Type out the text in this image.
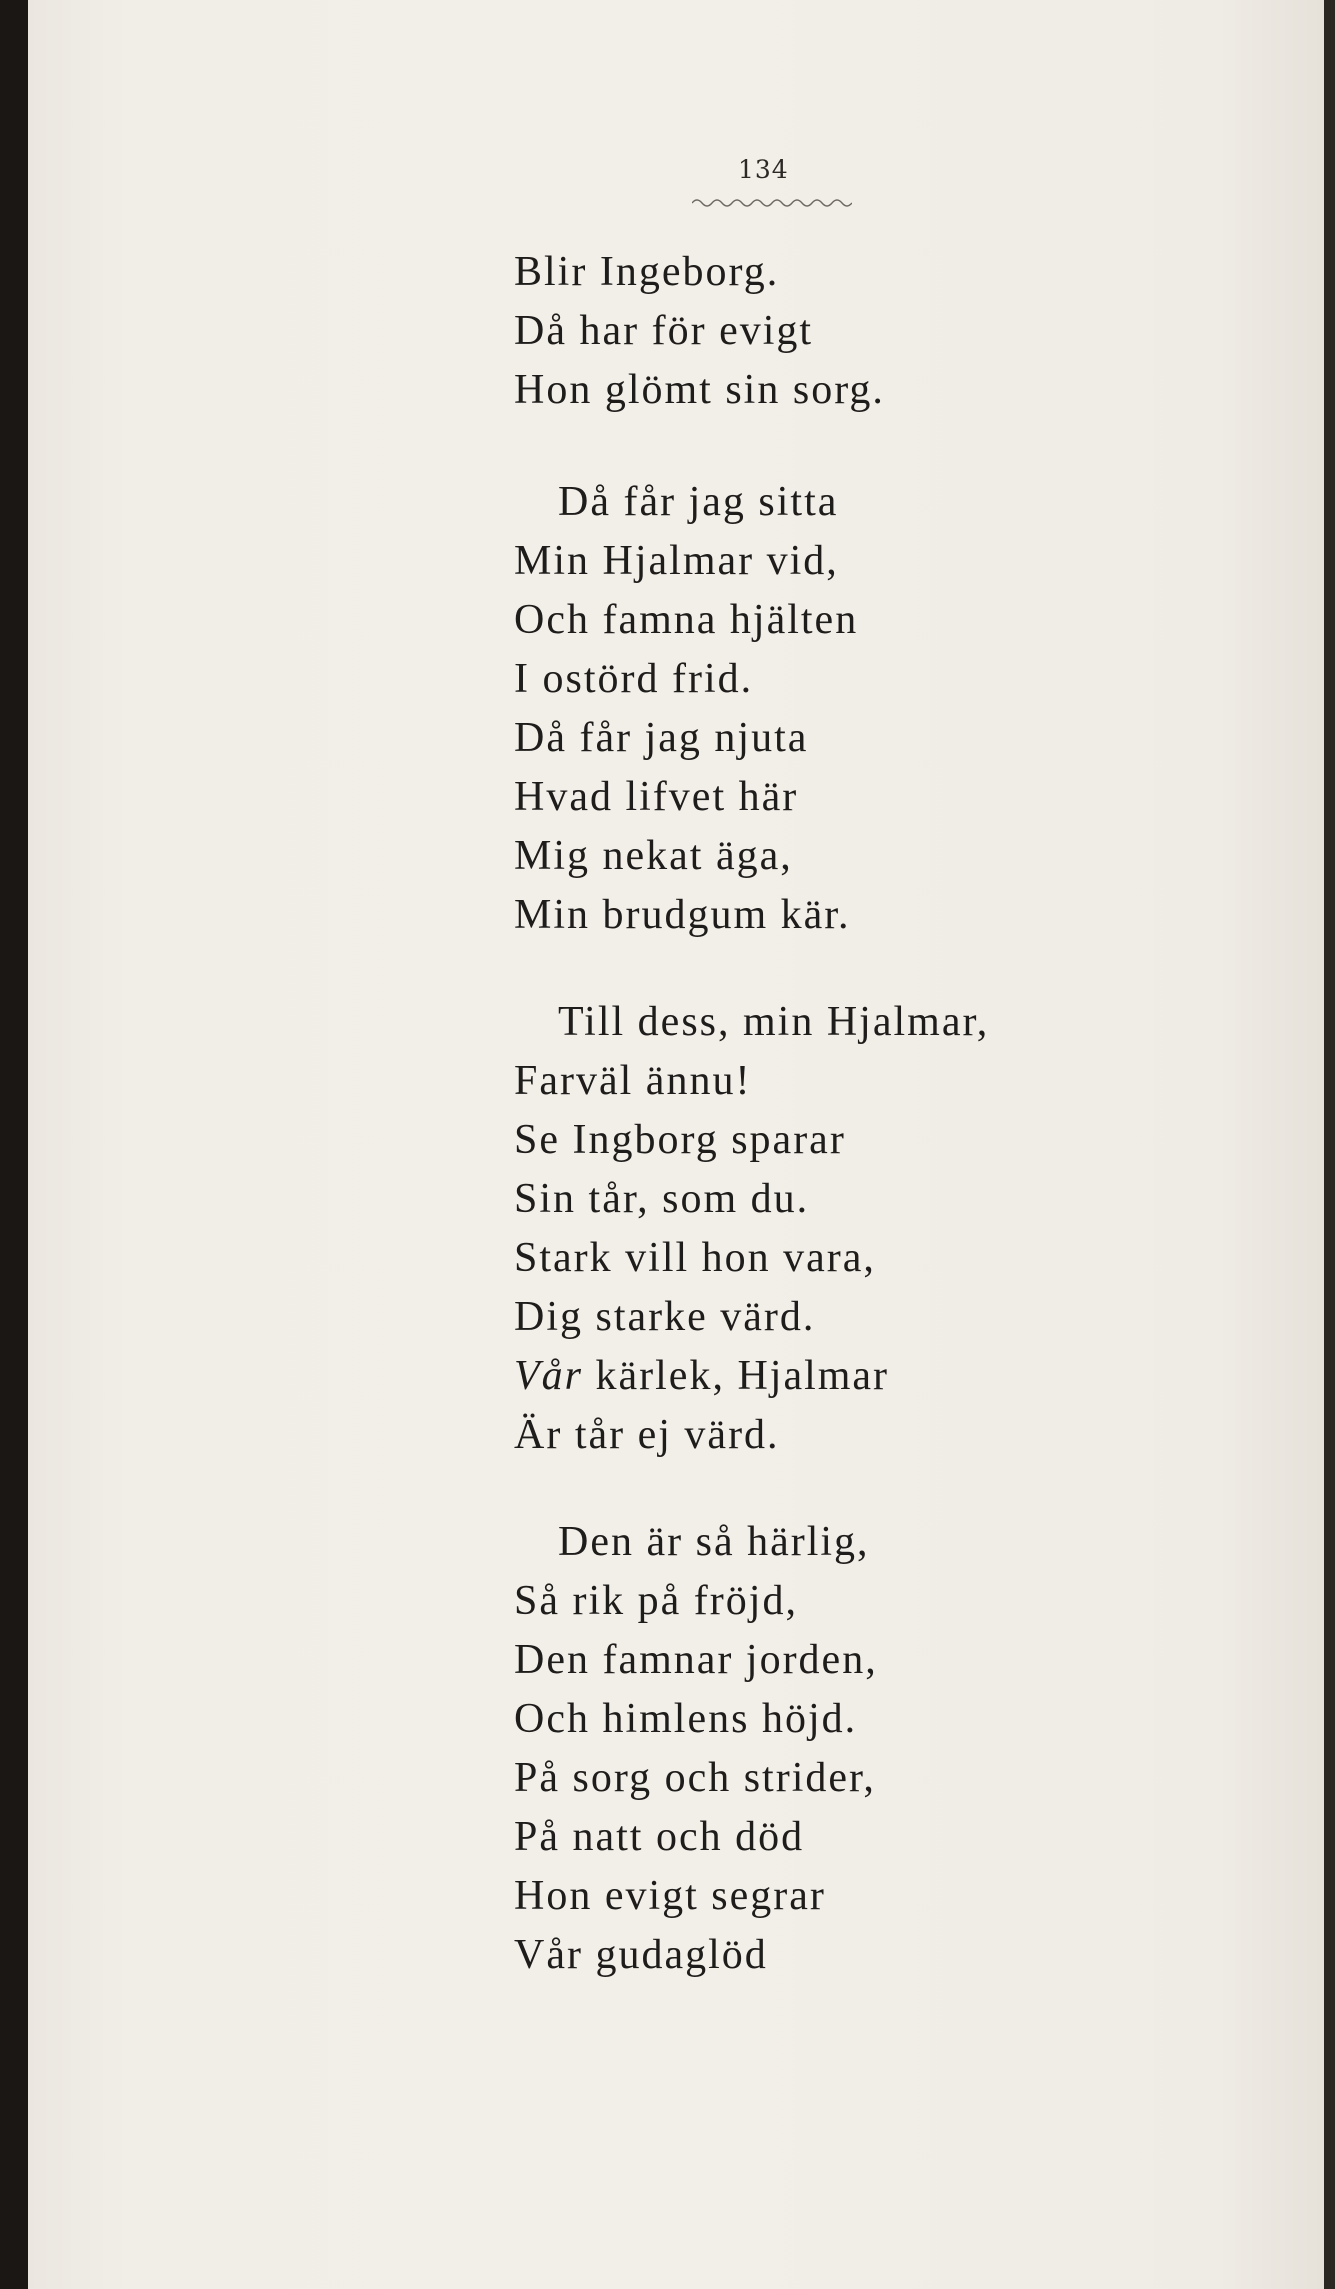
134
Blir Ingeborg.
Då har för evigt
Hon glömt sin sorg.
Då får jag sitta
Min Hjalmar vid,
Och famna hjälten
I ostörd frid.
Då får jag njuta
Hvad lifvet här
Mig nekat äga,
Min brudgum kär.
Till dess, min Hjalmar,
Farväl ännu!
Se Ingborg sparar
Sin tår, som du.
Stark vill hon vara,
Dig starke värd.
Vår kärlek, Hjalmar
Är tår ej värd.
Den är så härlig,
Så rik på fröjd,
Den famnar jorden,
Och himlens höjd.
På sorg och strider,
På natt och död
Hon evigt segrar
Vår gudaglöd
